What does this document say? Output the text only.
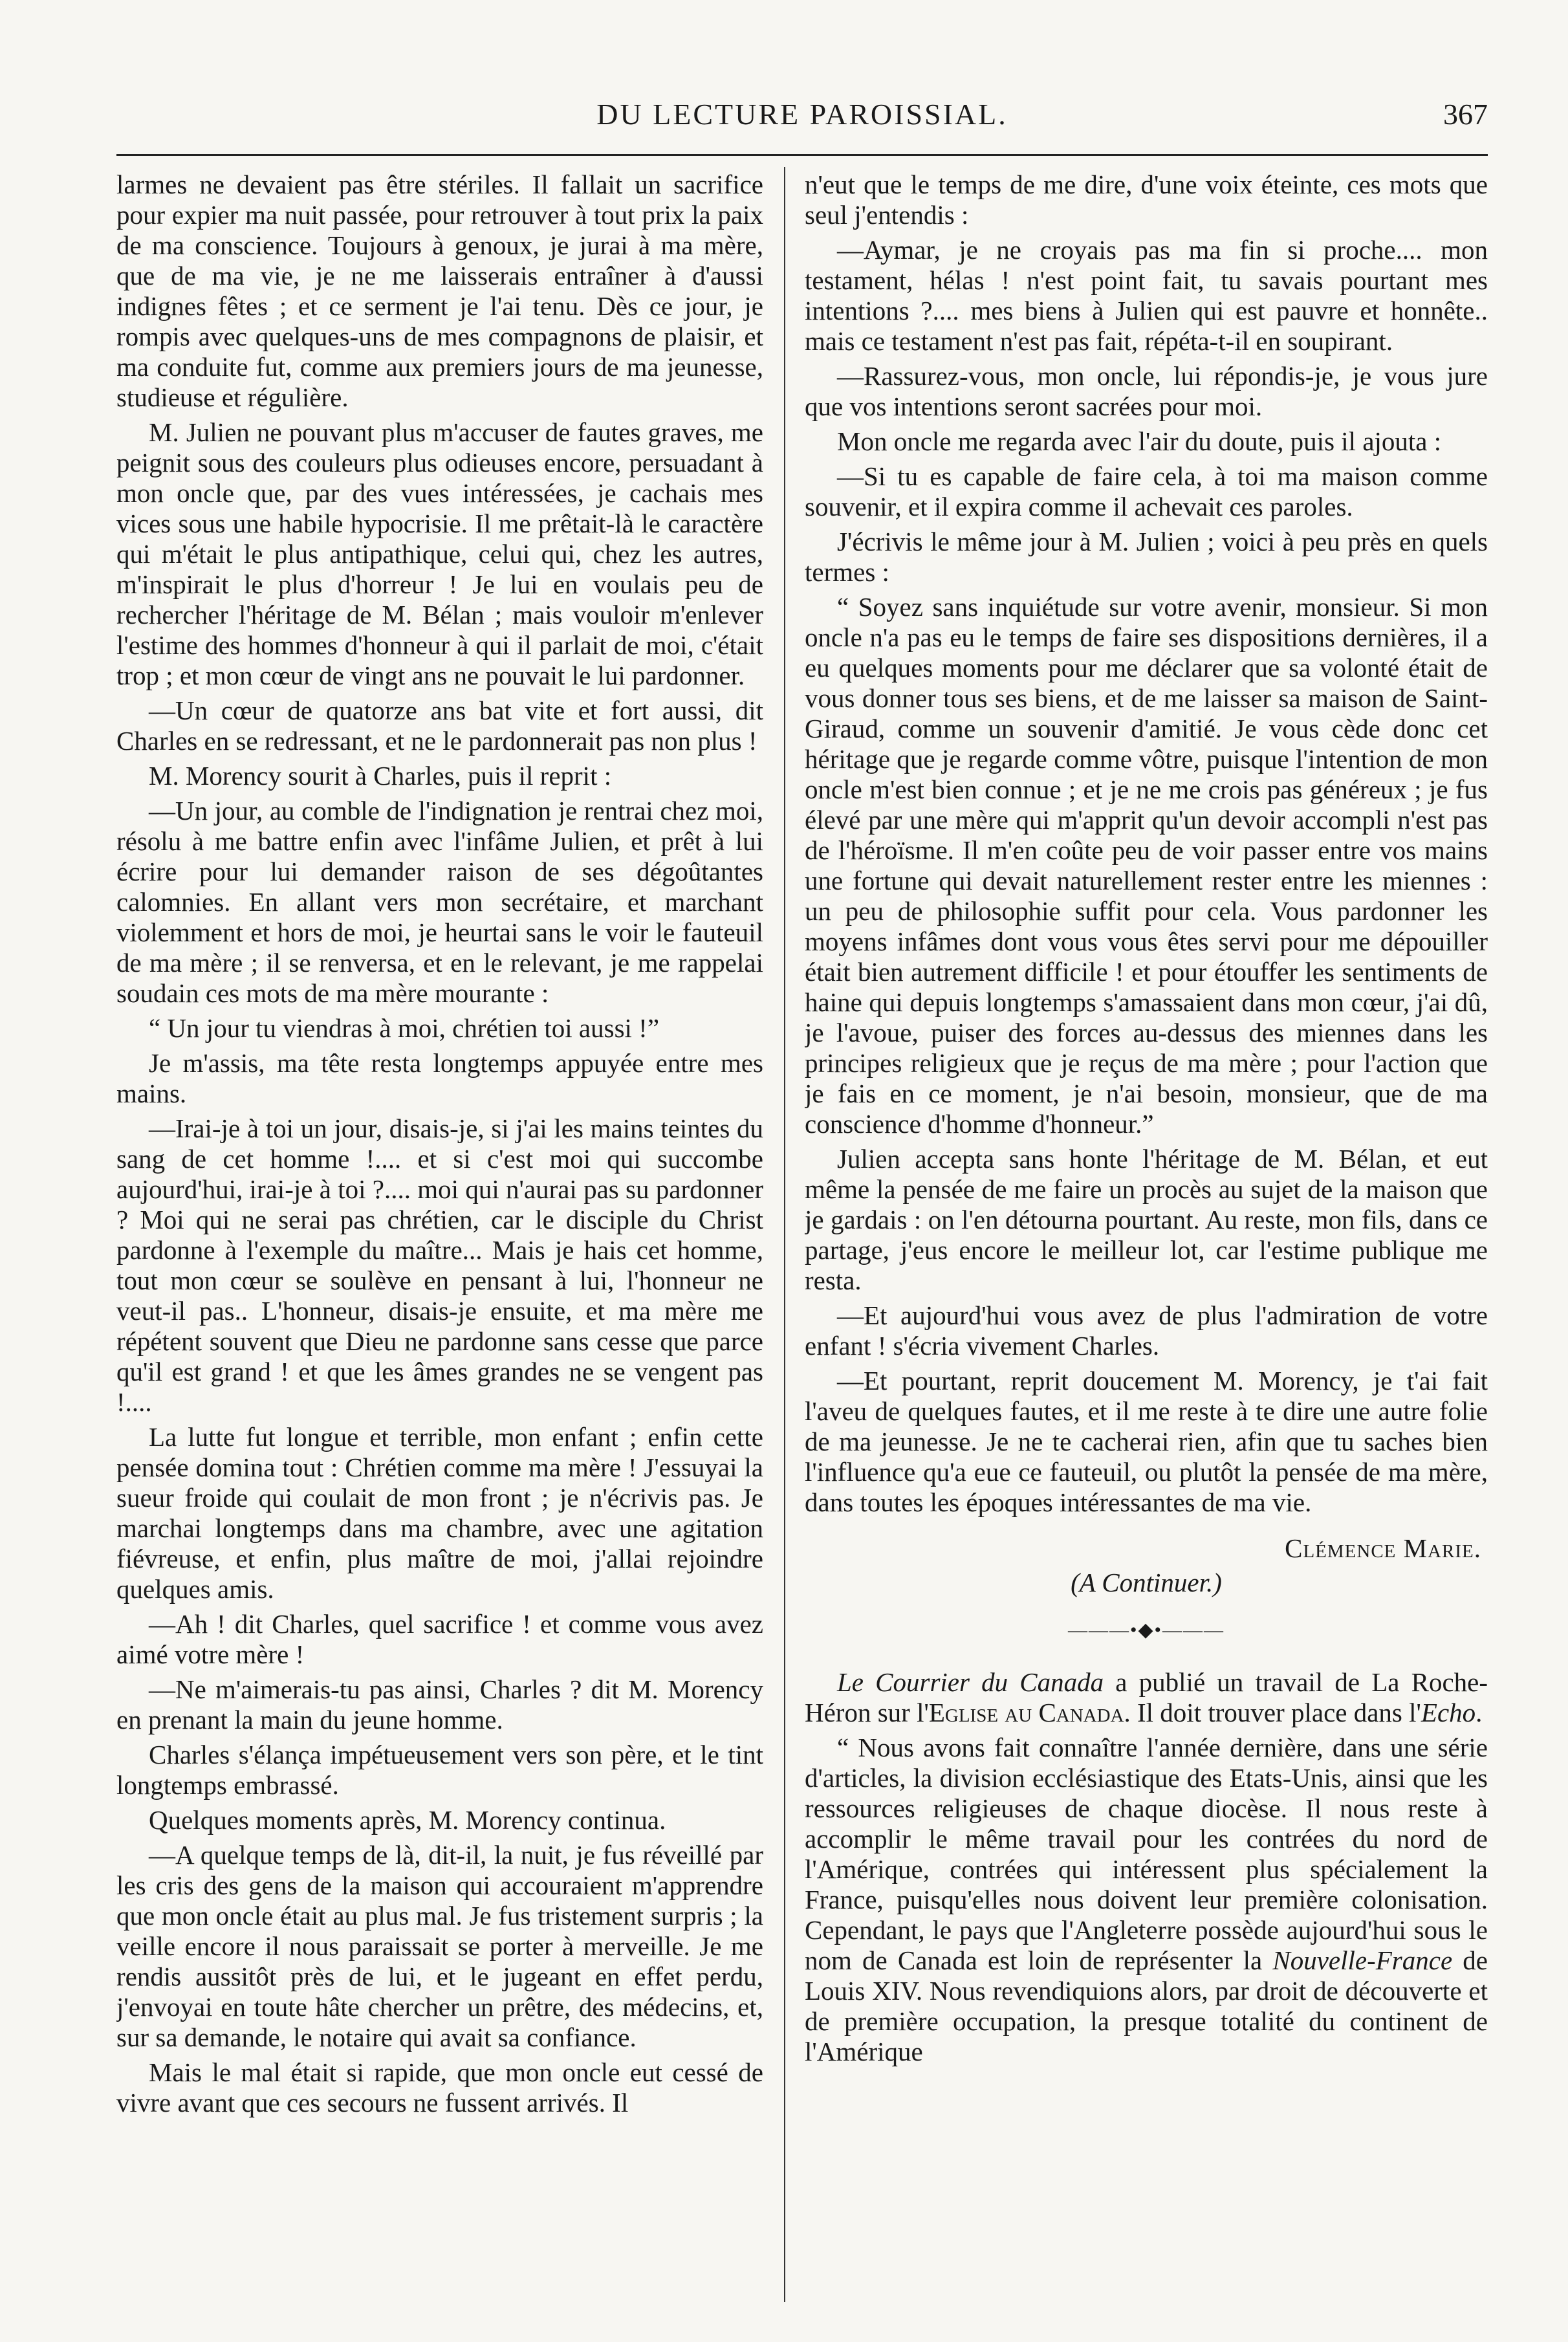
DU LECTURE PAROISSIAL.	367

larmes ne devaient pas être stériles. Il fallait un sacrifice pour expier ma nuit passée, pour retrouver à tout prix la paix de ma conscience. Toujours à genoux, je jurai à ma mère, que de ma vie, je ne me laisserais entraîner à d'aussi indignes fêtes ; et ce serment je l'ai tenu. Dès ce jour, je rompis avec quelques-uns de mes compagnons de plaisir, et ma conduite fut, comme aux premiers jours de ma jeunesse, studieuse et régulière.

M. Julien ne pouvant plus m'accuser de fautes graves, me peignit sous des couleurs plus odieuses encore, persuadant à mon oncle que, par des vues intéressées, je cachais mes vices sous une habile hypocrisie. Il me prêtait-là le caractère qui m'était le plus antipathique, celui qui, chez les autres, m'inspirait le plus d'horreur ! Je lui en voulais peu de rechercher l'héritage de M. Bélan ; mais vouloir m'enlever l'estime des hommes d'honneur à qui il parlait de moi, c'était trop ; et mon cœur de vingt ans ne pouvait le lui pardonner.

—Un cœur de quatorze ans bat vite et fort aussi, dit Charles en se redressant, et ne le pardonnerait pas non plus !

M. Morency sourit à Charles, puis il reprit :

—Un jour, au comble de l'indignation je rentrai chez moi, résolu à me battre enfin avec l'infâme Julien, et prêt à lui écrire pour lui demander raison de ses dégoûtantes calomnies. En allant vers mon secrétaire, et marchant violemment et hors de moi, je heurtai sans le voir le fauteuil de ma mère ; il se renversa, et en le relevant, je me rappelai soudain ces mots de ma mère mourante :

“ Un jour tu viendras à moi, chrétien toi aussi !”

Je m'assis, ma tête resta longtemps appuyée entre mes mains.

—Irai-je à toi un jour, disais-je, si j'ai les mains teintes du sang de cet homme !.... et si c'est moi qui succombe aujourd'hui, irai-je à toi ?.... moi qui n'aurai pas su pardonner ? Moi qui ne serai pas chrétien, car le disciple du Christ pardonne à l'exemple du maître... Mais je hais cet homme, tout mon cœur se soulève en pensant à lui, l'honneur ne veut-il pas.. L'honneur, disais-je ensuite, et ma mère me répétent souvent que Dieu ne pardonne sans cesse que parce qu'il est grand ! et que les âmes grandes ne se vengent pas !....

La lutte fut longue et terrible, mon enfant ; enfin cette pensée domina tout : Chrétien comme ma mère ! J'essuyai la sueur froide qui coulait de mon front ; je n'écrivis pas. Je marchai longtemps dans ma chambre, avec une agitation fiévreuse, et enfin, plus maître de moi, j'allai rejoindre quelques amis.

—Ah ! dit Charles, quel sacrifice ! et comme vous avez aimé votre mère !

—Ne m'aimerais-tu pas ainsi, Charles ? dit M. Morency en prenant la main du jeune homme.

Charles s'élança impétueusement vers son père, et le tint longtemps embrassé.

Quelques moments après, M. Morency continua.

—A quelque temps de là, dit-il, la nuit, je fus réveillé par les cris des gens de la maison qui accouraient m'apprendre que mon oncle était au plus mal. Je fus tristement surpris ; la veille encore il nous paraissait se porter à merveille. Je me rendis aussitôt près de lui, et le jugeant en effet perdu, j'envoyai en toute hâte chercher un prêtre, des médecins, et, sur sa demande, le notaire qui avait sa confiance.

Mais le mal était si rapide, que mon oncle eut cessé de vivre avant que ces secours ne fussent arrivés. Il

n'eut que le temps de me dire, d'une voix éteinte, ces mots que seul j'entendis :

—Aymar, je ne croyais pas ma fin si proche.... mon testament, hélas ! n'est point fait, tu savais pourtant mes intentions ?.... mes biens à Julien qui est pauvre et honnête.. mais ce testament n'est pas fait, répéta-t-il en soupirant.

—Rassurez-vous, mon oncle, lui répondis-je, je vous jure que vos intentions seront sacrées pour moi.

Mon oncle me regarda avec l'air du doute, puis il ajouta :

—Si tu es capable de faire cela, à toi ma maison comme souvenir, et il expira comme il achevait ces paroles.

J'écrivis le même jour à M. Julien ; voici à peu près en quels termes :

“ Soyez sans inquiétude sur votre avenir, monsieur. Si mon oncle n'a pas eu le temps de faire ses dispositions dernières, il a eu quelques moments pour me déclarer que sa volonté était de vous donner tous ses biens, et de me laisser sa maison de Saint-Giraud, comme un souvenir d'amitié. Je vous cède donc cet héritage que je regarde comme vôtre, puisque l'intention de mon oncle m'est bien connue ; et je ne me crois pas généreux ; je fus élevé par une mère qui m'apprit qu'un devoir accompli n'est pas de l'héroïsme. Il m'en coûte peu de voir passer entre vos mains une fortune qui devait naturellement rester entre les miennes : un peu de philosophie suffit pour cela. Vous pardonner les moyens infâmes dont vous vous êtes servi pour me dépouiller était bien autrement difficile ! et pour étouffer les sentiments de haine qui depuis longtemps s'amassaient dans mon cœur, j'ai dû, je l'avoue, puiser des forces au-dessus des miennes dans les principes religieux que je reçus de ma mère ; pour l'action que je fais en ce moment, je n'ai besoin, monsieur, que de ma conscience d'homme d'honneur.”

Julien accepta sans honte l'héritage de M. Bélan, et eut même la pensée de me faire un procès au sujet de la maison que je gardais : on l'en détourna pourtant. Au reste, mon fils, dans ce partage, j'eus encore le meilleur lot, car l'estime publique me resta.

—Et aujourd'hui vous avez de plus l'admiration de votre enfant ! s'écria vivement Charles.

—Et pourtant, reprit doucement M. Morency, je t'ai fait l'aveu de quelques fautes, et il me reste à te dire une autre folie de ma jeunesse. Je ne te cacherai rien, afin que tu saches bien l'influence qu'a eue ce fauteuil, ou plutôt la pensée de ma mère, dans toutes les époques intéressantes de ma vie.

Clémence Marie.
(A Continuer.)
———•◆•———

Le Courrier du Canada a publié un travail de La Roche-Héron sur l'Eglise au Canada. Il doit trouver place dans l'Echo.

“ Nous avons fait connaître l'année dernière, dans une série d'articles, la division ecclésiastique des Etats-Unis, ainsi que les ressources religieuses de chaque diocèse. Il nous reste à accomplir le même travail pour les contrées du nord de l'Amérique, contrées qui intéressent plus spécialement la France, puisqu'elles nous doivent leur première colonisation. Cependant, le pays que l'Angleterre possède aujourd'hui sous le nom de Canada est loin de représenter la Nouvelle-France de Louis XIV. Nous revendiquions alors, par droit de découverte et de première occupation, la presque totalité du continent de l'Amérique
